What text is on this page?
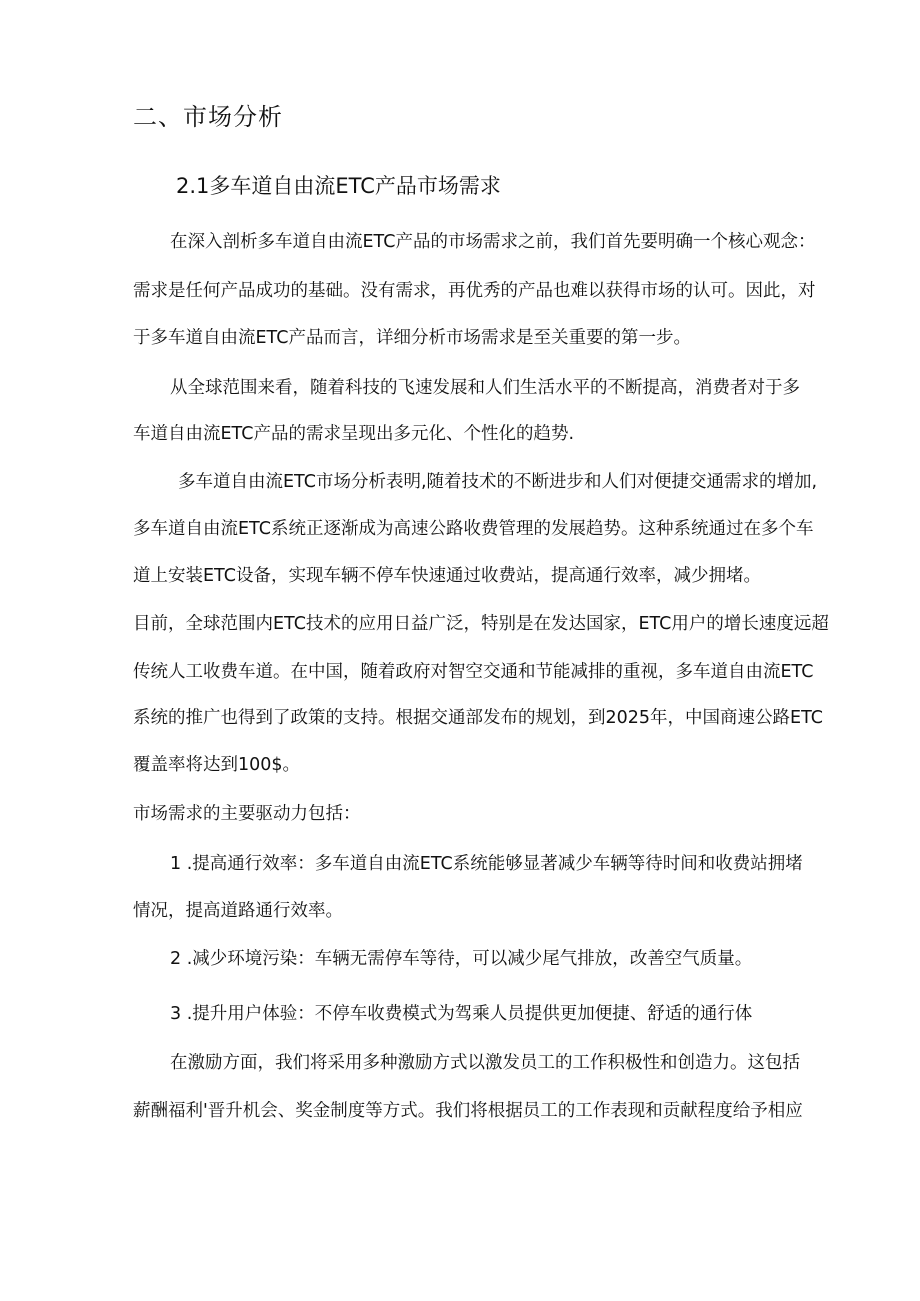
二、市场分析
2.1多车道自由流ETC产品市场需求

在深入剖析多车道自由流ETC产品的市场需求之前，我们首先要明确一个核心观念：

需求是任何产品成功的基础。没有需求，再优秀的产品也难以获得市场的认可。因此，对

于多车道自由流ETC产品而言，详细分析市场需求是至关重要的第一步。

从全球范围来看，随着科技的飞速发展和人们生活水平的不断提高，消费者对于多

车道自由流ETC产品的需求呈现出多元化、个性化的趋势.

多车道自由流ETC市场分析表明,随着技术的不断进步和人们对便捷交通需求的增加,

多车道自由流ETC系统正逐渐成为高速公路收费管理的发展趋势。这种系统通过在多个车

道上安装ETC设备，实现车辆不停车快速通过收费站，提高通行效率，减少拥堵。

目前，全球范围内ETC技术的应用日益广泛，特别是在发达国家，ETC用户的增长速度远超

传统人工收费车道。在中国，随着政府对智空交通和节能减排的重视，多车道自由流ETC

系统的推广也得到了政策的支持。根据交通部发布的规划，到2025年，中国商速公路ETC

覆盖率将达到100$。

市场需求的主要驱动力包括：

1 .提高通行效率：多车道自由流ETC系统能够显著减少车辆等待时间和收费站拥堵

情况，提高道路通行效率。

2 .减少环境污染：车辆无需停车等待，可以减少尾气排放，改善空气质量。

3 .提升用户体验：不停车收费模式为驾乘人员提供更加便捷、舒适的通行体

在激励方面，我们将采用多种激励方式以激发员工的工作积极性和创造力。这包括

薪酬福利'晋升机会、奖金制度等方式。我们将根据员工的工作表现和贡献程度给予相应
